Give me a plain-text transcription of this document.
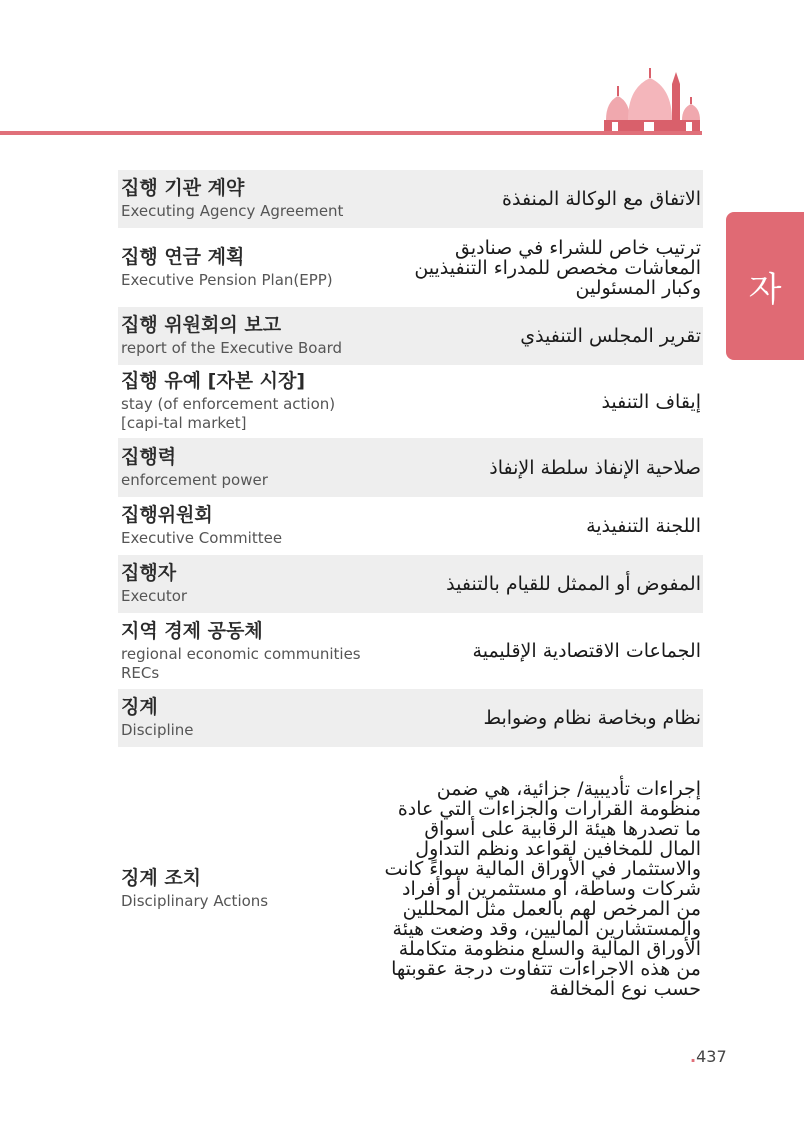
자
집행 기관 계약
Executing Agency Agreement
الاتفاق مع الوكالة المنفذة
집행 연금 계획
Executive Pension Plan(EPP)
ترتيب خاص للشراء في صناديق المعاشات مخصص للمدراء التنفيذيين وكبار المسئولين
집행 위원회의 보고
report of the Executive Board
تقرير المجلس التنفيذي
집행 유예 [자본 시장]
stay (of enforcement action) [capi-tal market]
إيقاف التنفيذ
집행력
enforcement power
صلاحية الإنفاذ سلطة الإنفاذ
집행위원회
Executive Committee
اللجنة التنفيذية
집행자
Executor
المفوض أو الممثل للقيام بالتنفيذ
지역 경제 공동체
regional economic communities RECs
الجماعات الاقتصادية الإقليمية
징계
Discipline
نظام وبخاصة نظام وضوابط
징계 조치
Disciplinary Actions
إجراءات تأديبية/ جزائية، هي ضمن منظومة القرارات والجزاءات التي عادة ما تصدرها هيئة الرقابية على أسواق المال للمخافين لقواعد ونظم التداول والاستثمار في الأوراق المالية سواءً كانت شركات وساطة، أو مستثمرين أو أفراد من المرخص لهم بالعمل مثل المحللين والمستشارين الماليين، وقد وضعت هيئة الأوراق المالية والسلع منظومة متكاملة من هذه الاجراءات تتفاوت درجة عقوبتها حسب نوع المخالفة
.437
